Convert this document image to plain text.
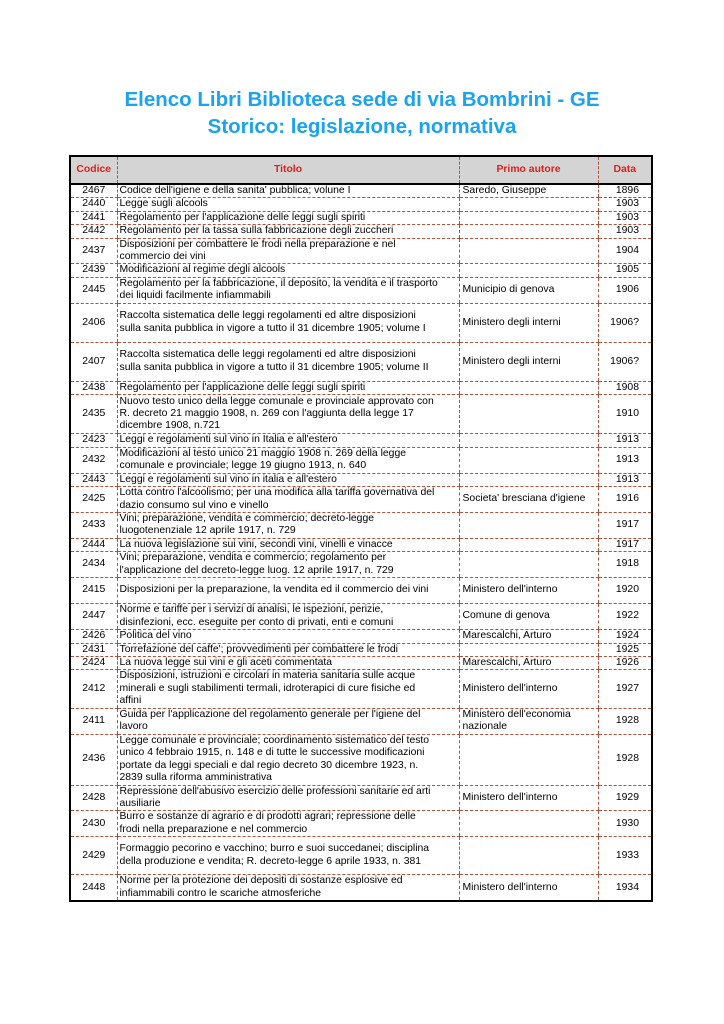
Elenco Libri Biblioteca sede di via Bombrini - GE
Storico: legislazione, normativa
Codice	Titolo	Primo autore	Data

2467	Codice dell'igiene e della sanita' pubblica; volune I	Saredo, Giuseppe	1896

2440	Legge sugli alcools		1903

2441	Regolamento per l'applicazione delle leggi sugli spiriti		1903

2442	Regolamento per la tassa sulla fabbricazione degli zuccheri		1903

2437	Disposizioni per combattere le frodi nella preparazione e nel
commercio dei vini		1904

2439	Modificazioni al regime degli alcools		1905

2445	Regolamento per la fabbricazione, il deposito, la vendita e il trasporto
dei liquidi facilmente infiammabili	Municipio di genova	1906

2406	Raccolta sistematica delle leggi regolamenti ed altre disposizioni
sulla sanita pubblica in vigore a tutto il 31 dicembre 1905; volume I	Ministero degli interni	1906?

2407	Raccolta sistematica delle leggi regolamenti ed altre disposizioni
sulla sanita pubblica in vigore a tutto il 31 dicembre 1905; volume II	Ministero degli interni	1906?

2438	Regolamento per l'applicazione delle leggi sugli spiriti		1908

2435	Nuovo testo unico della legge comunale e provinciale approvato con
R. decreto 21 maggio 1908, n. 269 con l'aggiunta della legge 17
dicembre 1908, n.721		1910

2423	Leggi e regolamenti sul vino in Italia e all'estero		1913

2432	Modificazioni al testo unico 21 maggio 1908 n. 269 della legge
comunale e provinciale; legge 19 giugno 1913, n. 640		1913

2443	Leggi e regolamenti sul vino in italia e all'estero		1913

2425	Lotta contro l'alcoolismo; per una modifica alla tariffa governativa del
dazio consumo sul vino e vinello	Societa' bresciana d'igiene	1916

2433	Vini; preparazione, vendita e commercio; decreto-legge
luogotenenziale 12 aprile 1917, n. 729		1917

2444	La nuova legislazione sui vini, secondi vini, vinelli e vinacce		1917

2434	Vini; preparazione, vendita e commercio; regolamento per
l'applicazione del decreto-legge luog. 12 aprile 1917, n. 729		1918

2415	Disposizioni per la preparazione, la vendita ed il commercio dei vini	Ministero dell'interno	1920

2447	Norme e tariffe per i servizi di analisi, le ispezioni, perizie,
disinfezioni, ecc. eseguite per conto di privati, enti e comuni	Comune di genova	1922

2426	Politica del vino	Marescalchi, Arturo	1924

2431	Torrefazione del caffe'; provvedimenti per combattere le frodi		1925

2424	La nuova legge sui vini e gli aceti commentata	Marescalchi, Arturo	1926

2412	Disposizioni, istruzioni e circolari in materia sanitaria sulle acque
minerali e sugli stabilimenti termali, idroterapici di cure fisiche ed
affini	Ministero dell'interno	1927

2411	Guida per l'applicazione del regolamento generale per l'igiene del
lavoro	Ministero dell'economia
nazionale	1928

2436	Legge comunale e provinciale; coordinamento sistematico del testo
unico 4 febbraio 1915, n. 148 e di tutte le successive modificazioni
portate da leggi speciali e dal regio decreto 30 dicembre 1923, n.
2839 sulla riforma amministrativa		1928

2428	Repressione dell'abusivo esercizio delle professioni sanitarie ed arti
ausiliarie	Ministero dell'interno	1929

2430	Burro e sostanze di agrario e di prodotti agrari; repressione delle
frodi nella preparazione e nel commercio		1930

2429	Formaggio pecorino e vacchino; burro e suoi succedanei; disciplina
della produzione e vendita; R. decreto-legge 6 aprile 1933, n. 381		1933

2448	Norme per la protezione dei depositi di sostanze esplosive ed
infiammabili contro le scariche atmosferiche	Ministero dell'interno	1934
